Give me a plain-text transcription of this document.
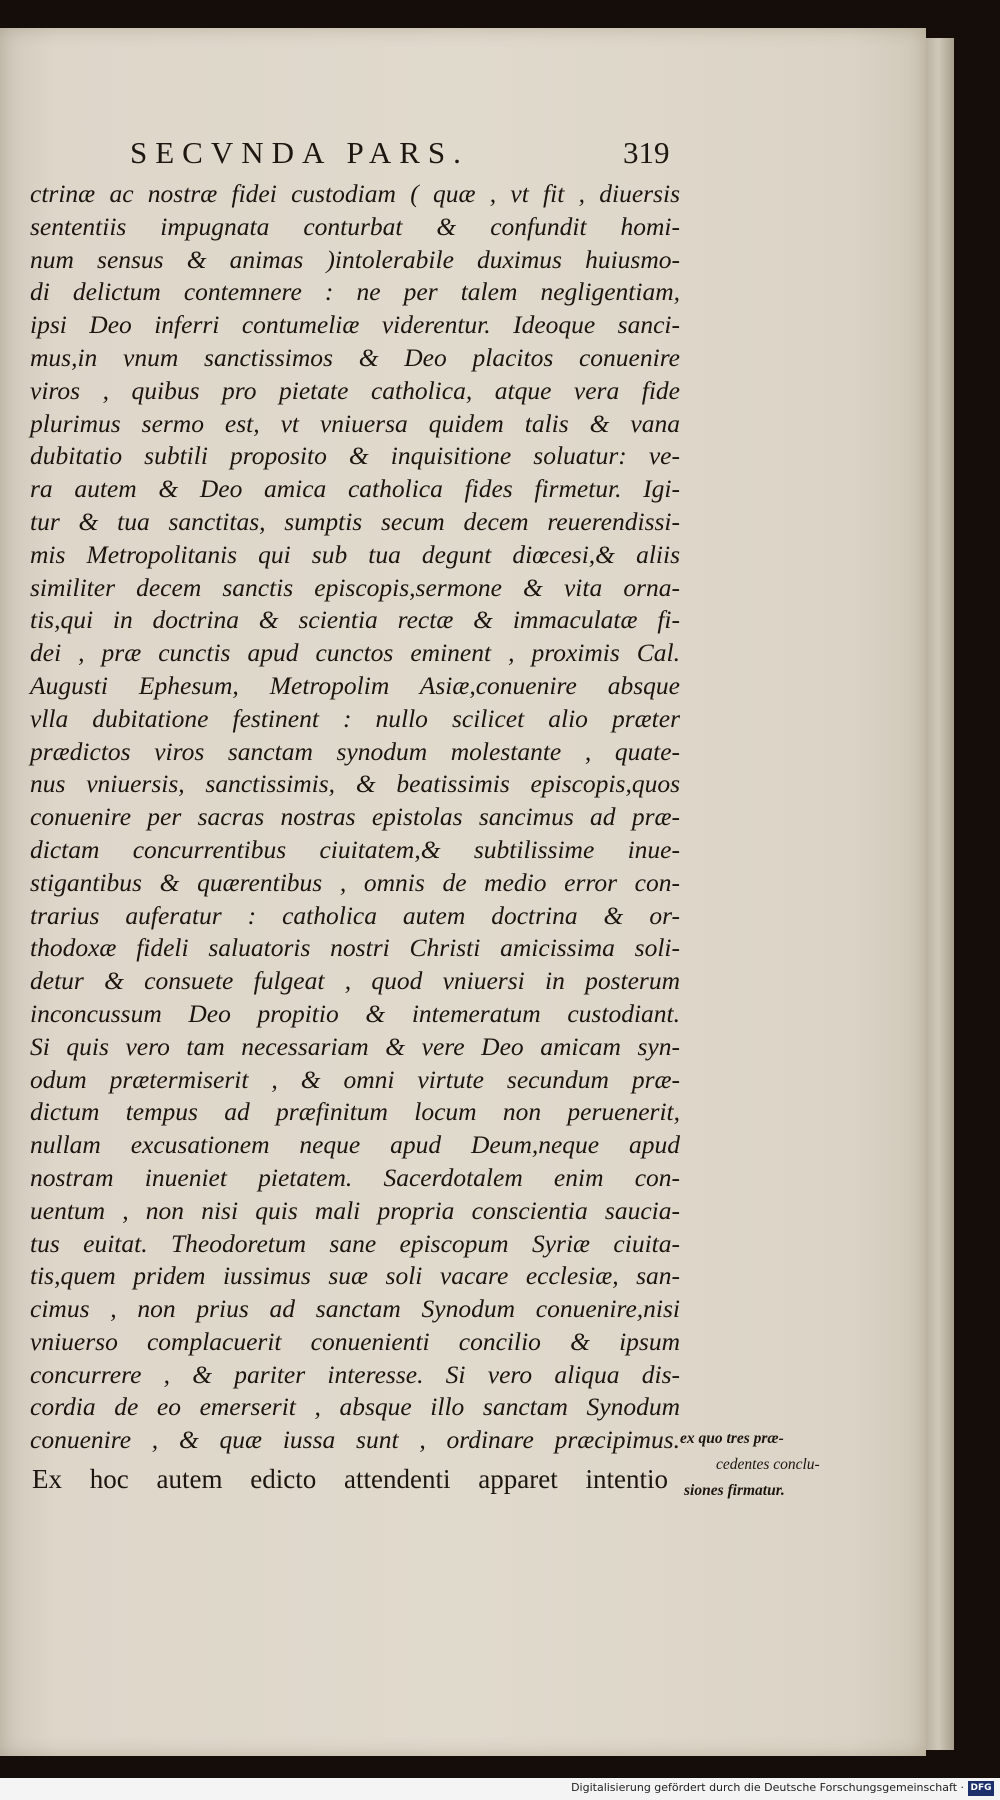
SECVNDA PARS.	319
ctrinæ ac nostræ fidei custodiam ( quæ , vt fit , diuersis
sententiis impugnata conturbat & confundit homi-
num sensus & animas )intolerabile duximus huiusmo-
di delictum contemnere : ne per talem negligentiam,
ipsi Deo inferri contumeliæ viderentur. Ideoque sanci-
mus,in vnum sanctissimos & Deo placitos conuenire
viros , quibus pro pietate catholica, atque vera fide
plurimus sermo est, vt vniuersa quidem talis & vana
dubitatio subtili proposito & inquisitione soluatur: ve-
ra autem & Deo amica catholica fides firmetur. Igi-
tur & tua sanctitas, sumptis secum decem reuerendissi-
mis Metropolitanis qui sub tua degunt diœcesi,& aliis
similiter decem sanctis episcopis,sermone & vita orna-
tis,qui in doctrina & scientia rectæ & immaculatæ fi-
dei , præ cunctis apud cunctos eminent , proximis Cal.
Augusti Ephesum, Metropolim Asiæ,conuenire absque
vlla dubitatione festinent : nullo scilicet alio præter
prædictos viros sanctam synodum molestante , quate-
nus vniuersis, sanctissimis, & beatissimis episcopis,quos
conuenire per sacras nostras epistolas sancimus ad præ-
dictam concurrentibus ciuitatem,& subtilissime inue-
stigantibus & quærentibus , omnis de medio error con-
trarius auferatur : catholica autem doctrina & or-
thodoxæ fideli saluatoris nostri Christi amicissima soli-
detur & consuete fulgeat , quod vniuersi in posterum
inconcussum Deo propitio & intemeratum custodiant.
Si quis vero tam necessariam & vere Deo amicam syn-
odum prætermiserit , & omni virtute secundum præ-
dictum tempus ad præfinitum locum non peruenerit,
nullam excusationem neque apud Deum,neque apud
nostram inueniet pietatem. Sacerdotalem enim con-
uentum , non nisi quis mali propria conscientia saucia-
tus euitat. Theodoretum sane episcopum Syriæ ciuita-
tis,quem pridem iussimus suæ soli vacare ecclesiæ, san-
cimus , non prius ad sanctam Synodum conuenire,nisi
vniuerso complacuerit conuenienti concilio & ipsum
concurrere , & pariter interesse. Si vero aliqua dis-
cordia de eo emerserit , absque illo sanctam Synodum
conuenire , & quæ iussa sunt , ordinare præcipimus.
Ex hoc autem edicto attendenti apparet intentio
ex quo tres præ-
cedentes conclu-
siones firmatur.
Digitalisierung gefördert durch die Deutsche Forschungsgemeinschaft · DFG
